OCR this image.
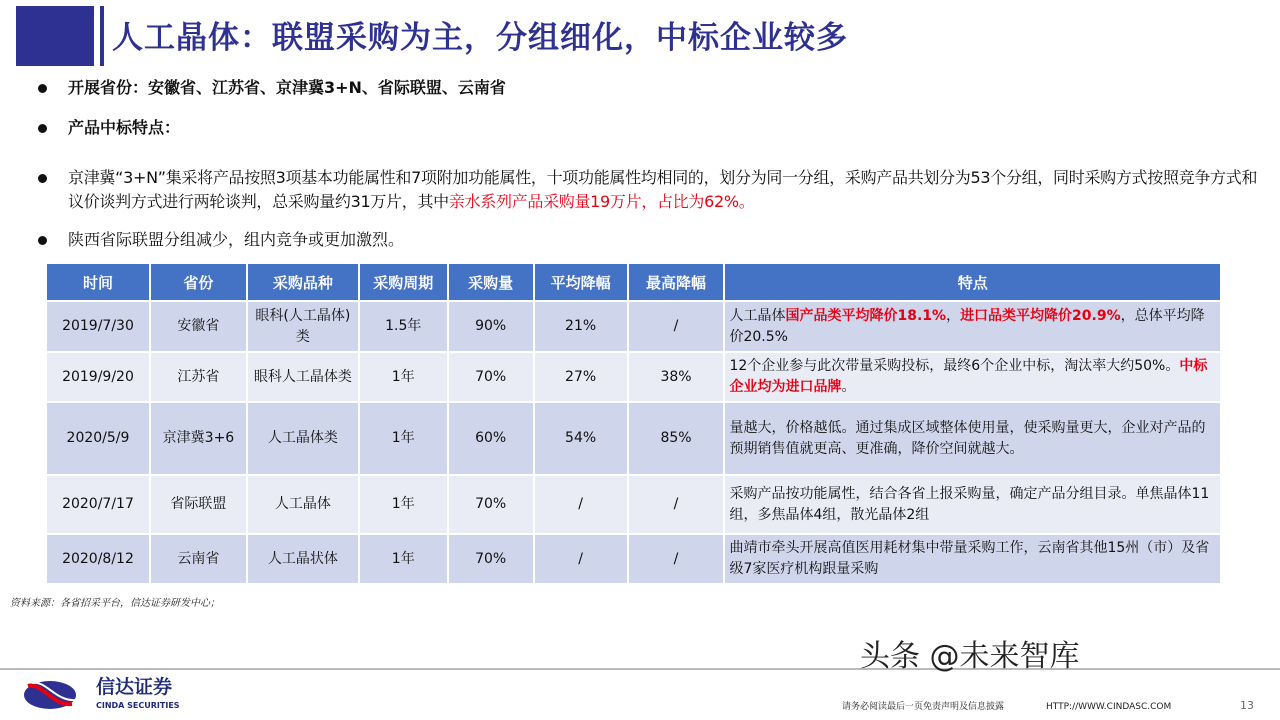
人工晶体：联盟采购为主，分组细化，中标企业较多
开展省份：安徽省、江苏省、京津冀3+N、省际联盟、云南省
产品中标特点：
京津冀“3+N”集采将产品按照3项基本功能属性和7项附加功能属性，十项功能属性均相同的，划分为同一分组，采购产品共划分为53个分组，同时采购方式按照竞争方式和议价谈判方式进行两轮谈判，总采购量约31万片，其中亲水系列产品采购量19万片，占比为62%。
陕西省际联盟分组减少，组内竞争或更加激烈。
时间	省份	采购品种	采购周期	采购量	平均降幅	最高降幅	特点
2019/7/30	安徽省	眼科(人工晶体)类	1.5年	90%	21%	/	人工晶体国产品类平均降价18.1%，进口品类平均降价20.9%，总体平均降价20.5%
2019/9/20	江苏省	眼科人工晶体类	1年	70%	27%	38%	12个企业参与此次带量采购投标，最终6个企业中标，淘汰率大约50%。中标企业均为进口品牌。
2020/5/9	京津冀3+6	人工晶体类	1年	60%	54%	85%	量越大，价格越低。通过集成区域整体使用量，使采购量更大，企业对产品的预期销售值就更高、更准确，降价空间就越大。
2020/7/17	省际联盟	人工晶体	1年	70%	/	/	采购产品按功能属性，结合各省上报采购量，确定产品分组目录。单焦晶体11组，多焦晶体4组，散光晶体2组
2020/8/12	云南省	人工晶状体	1年	70%	/	/	曲靖市牵头开展高值医用耗材集中带量采购工作，云南省其他15州（市）及省级7家医疗机构跟量采购
资料来源：各省招采平台，信达证券研发中心；
信达证券
CINDA SECURITIES
头条 @未来智库
请务必阅读最后一页免责声明及信息披露	HTTP://WWW.CINDASC.COM	13
